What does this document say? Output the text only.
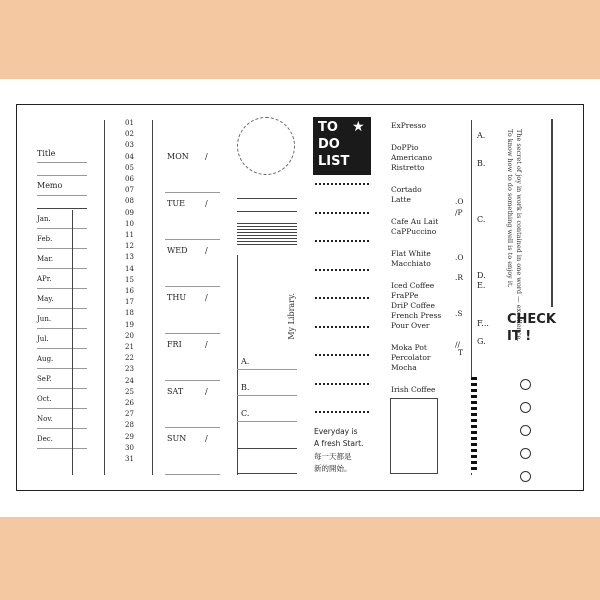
Title
Memo
Jan.
Feb.
Mar.
APr.
May.
Jun.
Jul.
Aug.
SeP.
Oct.
Nov.
Dec.
01
02
03
04
05
06
07
08
09
10
11
12
13
14
15
16
17
18
19
20
21
22
23
24
25
26
27
28
29
30
31
MON /
TUE	/
WED /
THU /
FRI	/
SAT	/
SUN /
My Library.
A.
B.
C.
TO
DO
LIST
★
Everyday is
A fresh Start.
每一天都是
新的開始。
ExPresso
DoPPio
Americano
Ristretto
Cortado
Latte
Cafe Au Lait
CaPPuccino
Flat White
Macchiato
Iced Coffee
FraPPe
DriP Coffee
French Press
Pour Over
Moka Pot
Percolator
Mocha
Irish Coffee
.O
/P
.O
.R
.S
//
T
A.
B.
C.
D.
E.
F...
G.
The secret of joy in work is contained in one word — excellence.
To know how to do something well is to enjoy it.
CHECK
IT !
